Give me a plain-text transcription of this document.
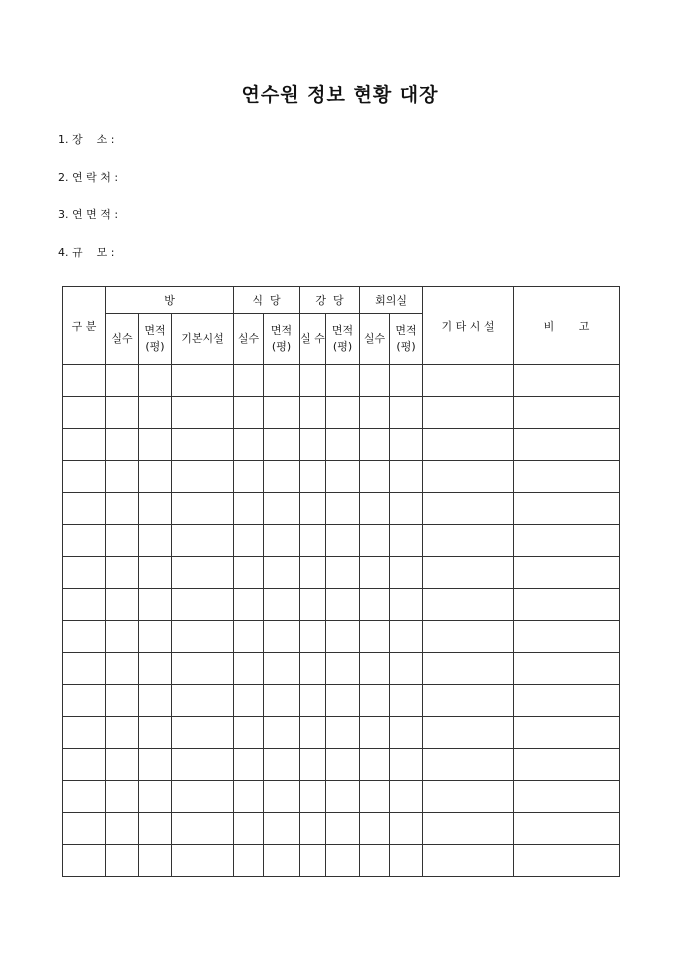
연수원 정보 현황 대장
1. 장    소 :
2. 연 락 처 :
3. 연 면 적 :
4. 규    모 :
구 분	방			식  당		강  당		회의실		기 타 시 설	비       고
	실수	면적 (평)	기본시설	실수	면적 (평)	실 수	면적 (평)	실수	면적 (평)		
